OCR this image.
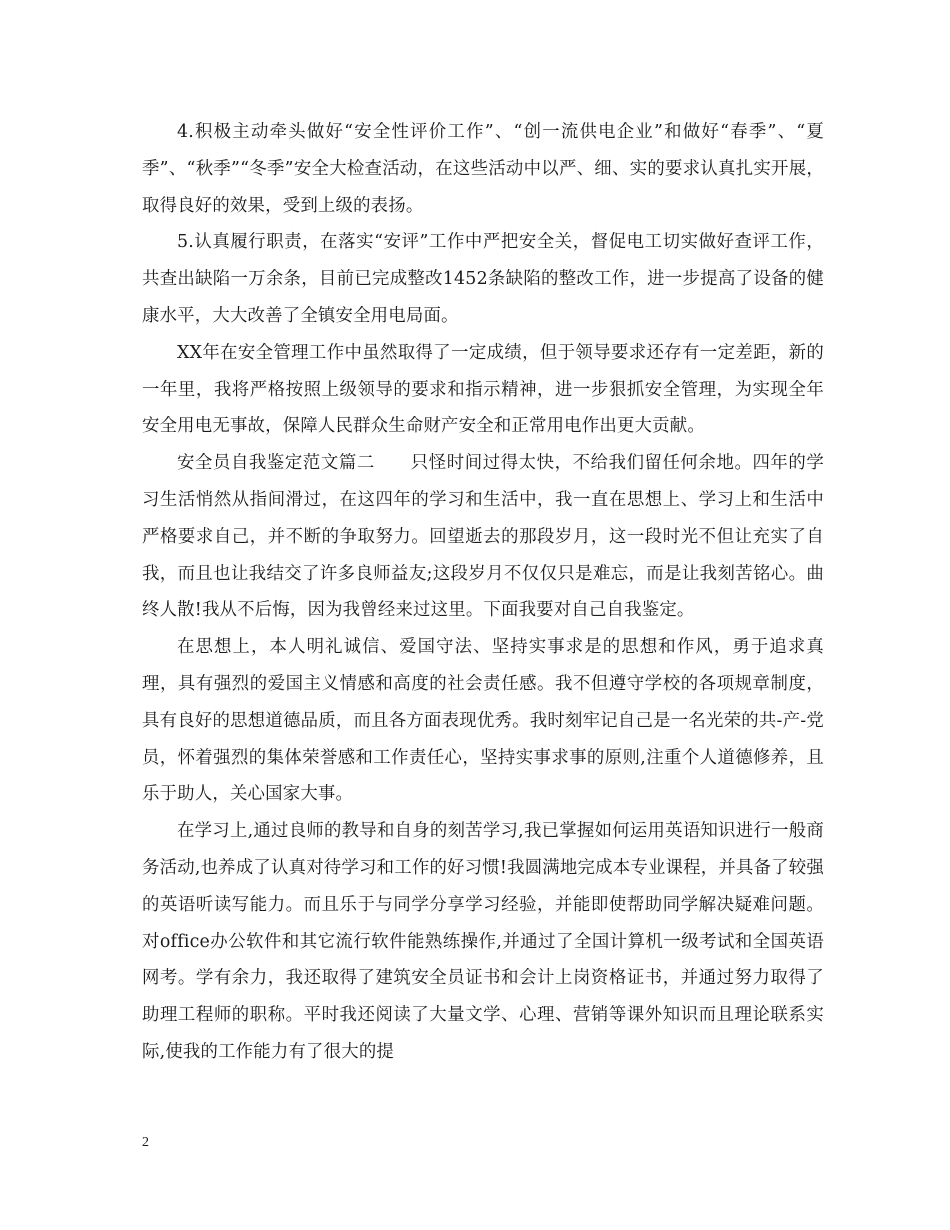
4.积极主动牵头做好“安全性评价工作”、“创一流供电企业”和做好“春季”、“夏季”、“秋季”“冬季”安全大检查活动，在这些活动中以严、细、实的要求认真扎实开展，取得良好的效果，受到上级的表扬。

5.认真履行职责，在落实“安评”工作中严把安全关，督促电工切实做好查评工作，共查出缺陷一万余条，目前已完成整改1452条缺陷的整改工作，进一步提高了设备的健康水平，大大改善了全镇安全用电局面。

XX年在安全管理工作中虽然取得了一定成绩，但于领导要求还存有一定差距，新的一年里，我将严格按照上级领导的要求和指示精神，进一步狠抓安全管理，为实现全年安全用电无事故，保障人民群众生命财产安全和正常用电作出更大贡献。

安全员自我鉴定范文篇二　　只怪时间过得太快，不给我们留任何余地。四年的学习生活悄然从指间滑过，在这四年的学习和生活中，我一直在思想上、学习上和生活中严格要求自己，并不断的争取努力。回望逝去的那段岁月，这一段时光不但让充实了自我，而且也让我结交了许多良师益友;这段岁月不仅仅只是难忘，而是让我刻苦铭心。曲终人散!我从不后悔，因为我曾经来过这里。下面我要对自己自我鉴定。

在思想上，本人明礼诚信、爱国守法、坚持实事求是的思想和作风，勇于追求真理，具有强烈的爱国主义情感和高度的社会责任感。我不但遵守学校的各项规章制度，具有良好的思想道德品质，而且各方面表现优秀。我时刻牢记自己是一名光荣的共-产-党员，怀着强烈的集体荣誉感和工作责任心，坚持实事求事的原则,注重个人道德修养，且乐于助人，关心国家大事。

在学习上,通过良师的教导和自身的刻苦学习,我已掌握如何运用英语知识进行一般商务活动,也养成了认真对待学习和工作的好习惯!我圆满地完成本专业课程，并具备了较强的英语听读写能力。而且乐于与同学分享学习经验，并能即使帮助同学解决疑难问题。对office办公软件和其它流行软件能熟练操作,并通过了全国计算机一级考试和全国英语网考。学有余力，我还取得了建筑安全员证书和会计上岗资格证书，并通过努力取得了助理工程师的职称。平时我还阅读了大量文学、心理、营销等课外知识而且理论联系实际,使我的工作能力有了很大的提

2
